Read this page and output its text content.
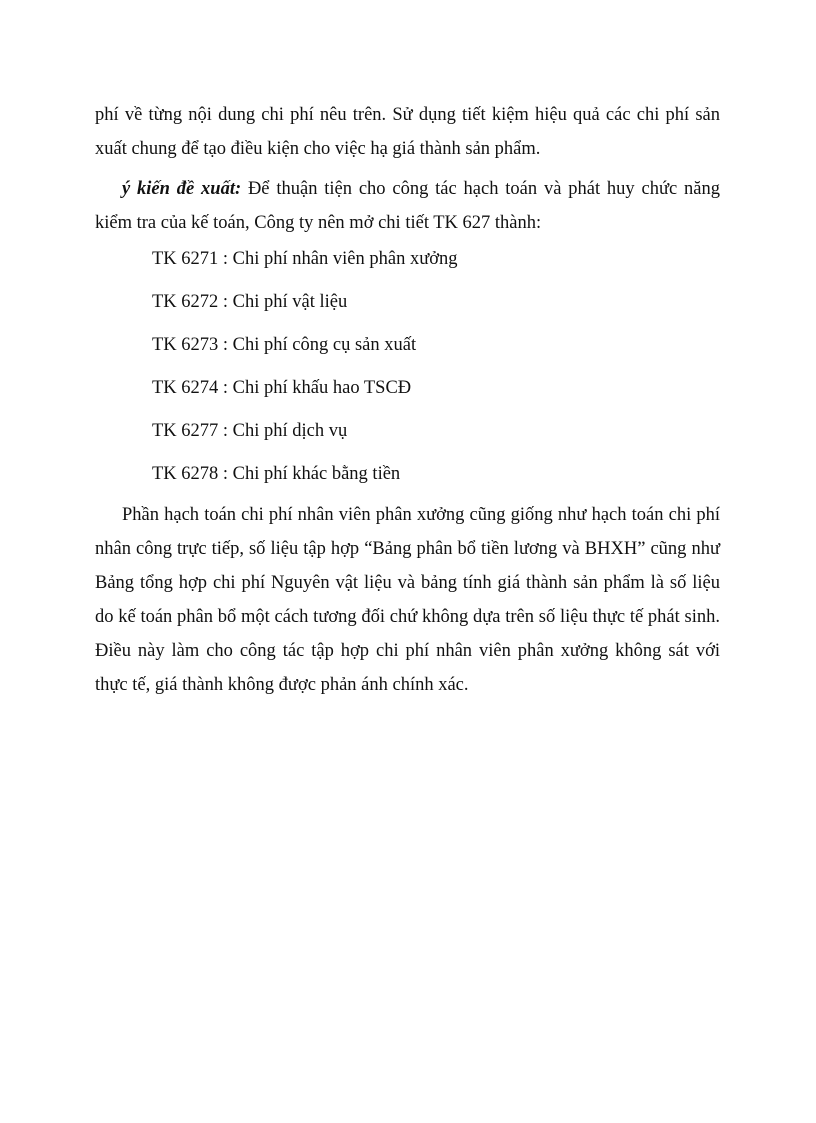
phí về từng nội dung chi phí nêu trên. Sử dụng tiết kiệm hiệu quả các chi phí sản xuất chung để tạo điều kiện cho việc hạ giá thành sản phẩm.

ý kiến đề xuất: Để thuận tiện cho công tác hạch toán và phát huy chức năng kiểm tra của kế toán, Công ty nên mở chi tiết TK 627 thành:

TK 6271 : Chi phí nhân viên phân xưởng
TK 6272 : Chi phí vật liệu
TK 6273 : Chi phí công cụ sản xuất
TK 6274 : Chi phí khấu hao TSCĐ
TK 6277 : Chi phí dịch vụ
TK 6278 : Chi phí khác bằng tiền

Phần hạch toán chi phí nhân viên phân xưởng cũng giống như hạch toán chi phí nhân công trực tiếp, số liệu tập hợp “Bảng phân bổ tiền lương và BHXH” cũng như Bảng tổng hợp chi phí Nguyên vật liệu và bảng tính giá thành sản phẩm là số liệu do kế toán phân bổ một cách tương đối chứ không dựa trên số liệu thực tế phát sinh. Điều này làm cho công tác tập hợp chi phí nhân viên phân xưởng không sát với thực tế, giá thành không được phản ánh chính xác.
